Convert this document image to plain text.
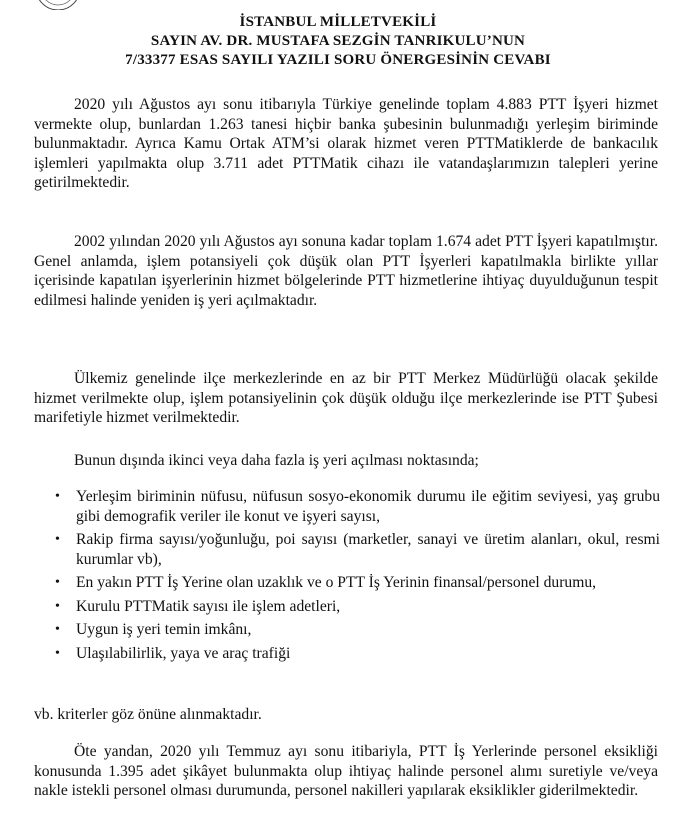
İSTANBUL MİLLETVEKİLİ
SAYIN AV. DR. MUSTAFA SEZGİN TANRIKULU’NUN
7/33377 ESAS SAYILI YAZILI SORU ÖNERGESİNİN CEVABI

2020 yılı Ağustos ayı sonu itibarıyla Türkiye genelinde toplam 4.883 PTT İşyeri hizmet vermekte olup, bunlardan 1.263 tanesi hiçbir banka şubesinin bulunmadığı yerleşim biriminde bulunmaktadır. Ayrıca Kamu Ortak ATM’si olarak hizmet veren PTTMatiklerde de bankacılık işlemleri yapılmakta olup 3.711 adet PTTMatik cihazı ile vatandaşlarımızın talepleri yerine getirilmektedir.

2002 yılından 2020 yılı Ağustos ayı sonuna kadar toplam 1.674 adet PTT İşyeri kapatılmıştır. Genel anlamda, işlem potansiyeli çok düşük olan PTT İşyerleri kapatılmakla birlikte yıllar içerisinde kapatılan işyerlerinin hizmet bölgelerinde PTT hizmetlerine ihtiyaç duyulduğunun tespit edilmesi halinde yeniden iş yeri açılmaktadır.

Ülkemiz genelinde ilçe merkezlerinde en az bir PTT Merkez Müdürlüğü olacak şekilde hizmet verilmekte olup, işlem potansiyelinin çok düşük olduğu ilçe merkezlerinde ise PTT Şubesi marifetiyle hizmet verilmektedir.

Bunun dışında ikinci veya daha fazla iş yeri açılması noktasında;
• Yerleşim biriminin nüfusu, nüfusun sosyo-ekonomik durumu ile eğitim seviyesi, yaş grubu gibi demografik veriler ile konut ve işyeri sayısı,
• Rakip firma sayısı/yoğunluğu, poi sayısı (marketler, sanayi ve üretim alanları, okul, resmi kurumlar vb),
• En yakın PTT İş Yerine olan uzaklık ve o PTT İş Yerinin finansal/personel durumu,
• Kurulu PTTMatik sayısı ile işlem adetleri,
• Uygun iş yeri temin imkânı,
• Ulaşılabilirlik, yaya ve araç trafiği
vb. kriterler göz önüne alınmaktadır.

Öte yandan, 2020 yılı Temmuz ayı sonu itibariyla, PTT İş Yerlerinde personel eksikliği konusunda 1.395 adet şikâyet bulunmakta olup ihtiyaç halinde personel alımı suretiyle ve/veya nakle istekli personel olması durumunda, personel nakilleri yapılarak eksiklikler giderilmektedir.
